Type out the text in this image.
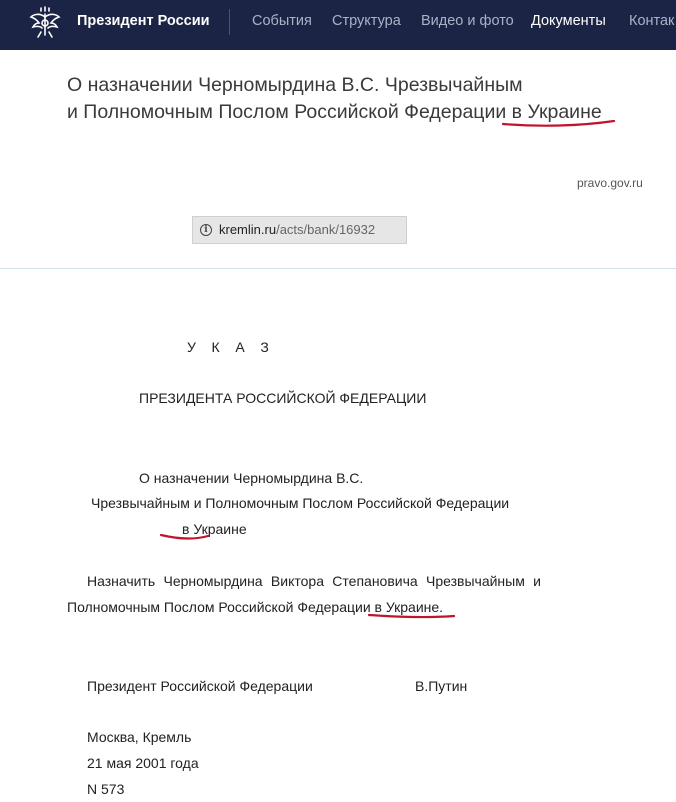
Президент России	События Структура Видео и фото Документы Контак
О назначении Черномырдина В.С. Чрезвычайным
и Полномочным Послом Российской Федерации в Украине
pravo.gov.ru
i kremlin.ru/acts/bank/16932
У К А З
ПРЕЗИДЕНТА РОССИЙСКОЙ ФЕДЕРАЦИИ
О назначении Черномырдина В.С.
Чрезвычайным и Полномочным Послом Российской Федерации
в Украине
Назначить Черномырдина Виктора Степановича Чрезвычайным и
Полномочным Послом Российской Федерации в Украине.
Президент Российской Федерации	В.Путин
Москва, Кремль
21 мая 2001 года
N 573
